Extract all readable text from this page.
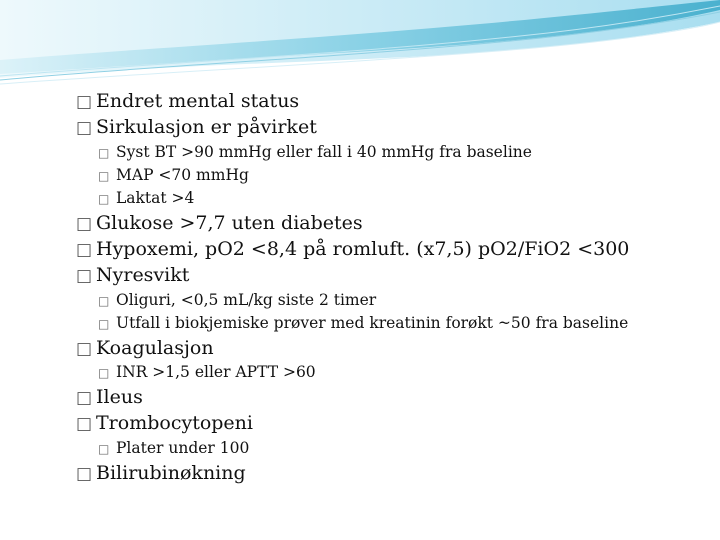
□ Endret mental status
□ Sirkulasjon er påvirket
□ Syst BT >90 mmHg eller fall i 40 mmHg fra baseline
□ MAP <70 mmHg
□ Laktat >4
□ Glukose >7,7 uten diabetes
□ Hypoxemi, pO2 <8,4 på romluft. (x7,5) pO2/FiO2 <300
□ Nyresvikt
□ Oliguri, <0,5 mL/kg siste 2 timer
□ Utfall i biokjemiske prøver med kreatinin forøkt ~50 fra baseline
□ Koagulasjon
□ INR >1,5 eller APTT >60
□ Ileus
□ Trombocytopeni
□ Plater under 100
□ Bilirubinøkning
